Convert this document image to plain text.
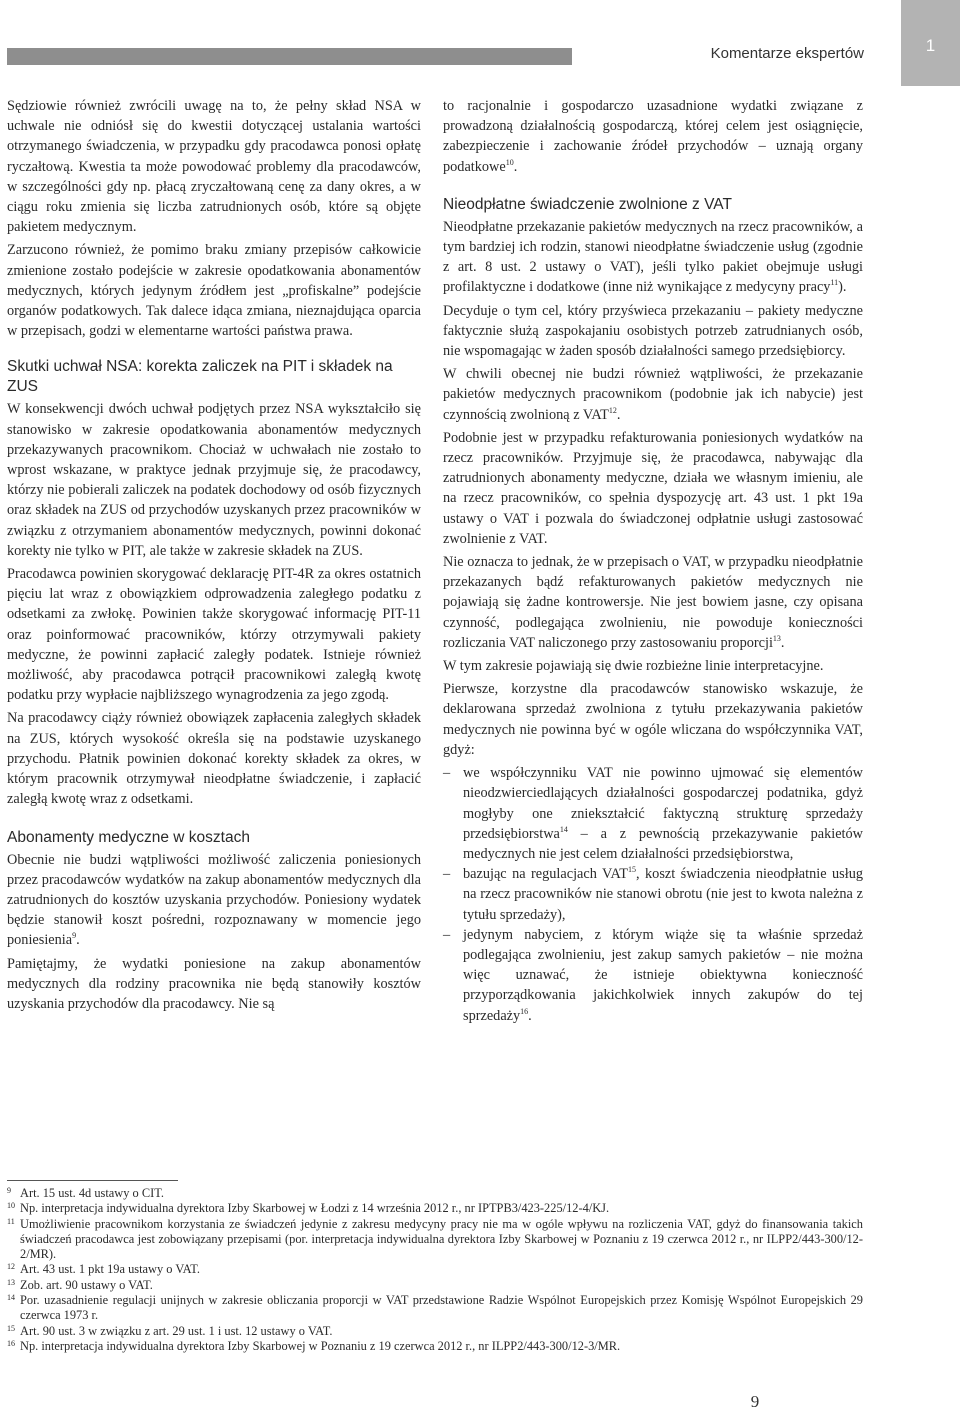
1
Komentarze ekspertów

Sędziowie również zwrócili uwagę na to, że pełny skład NSA w uchwale nie odniósł się do kwestii dotyczącej ustalania wartości otrzymanego świadczenia, w przypadku gdy pracodawca ponosi opłatę ryczałtową. Kwestia ta może powodować problemy dla pracodawców, w szczególności gdy np. płacą zryczałtowaną cenę za dany okres, a w ciągu roku zmienia się liczba zatrudnionych osób, które są objęte pakietem medycznym.

Zarzucono również, że pomimo braku zmiany przepisów całkowicie zmienione zostało podejście w zakresie opodatkowania abonamentów medycznych, których jedynym źródłem jest „profiskalne” podejście organów podatkowych. Tak dalece idąca zmiana, nieznajdująca oparcia w przepisach, godzi w elementarne wartości państwa prawa.

Skutki uchwał NSA: korekta zaliczek na PIT i składek na ZUS

W konsekwencji dwóch uchwał podjętych przez NSA wykształciło się stanowisko w zakresie opodatkowania abonamentów medycznych przekazywanych pracownikom. Chociaż w uchwałach nie zostało to wprost wskazane, w praktyce jednak przyjmuje się, że pracodawcy, którzy nie pobierali zaliczek na podatek dochodowy od osób fizycznych oraz składek na ZUS od przychodów uzyskanych przez pracowników w związku z otrzymaniem abonamentów medycznych, powinni dokonać korekty nie tylko w PIT, ale także w zakresie składek na ZUS.

Pracodawca powinien skorygować deklarację PIT-4R za okres ostatnich pięciu lat wraz z obowiązkiem odprowadzenia zaległego podatku z odsetkami za zwłokę. Powinien także skorygować informację PIT-11 oraz poinformować pracowników, którzy otrzymywali pakiety medyczne, że powinni zapłacić zaległy podatek. Istnieje również możliwość, aby pracodawca potrącił pracownikowi zaległą kwotę podatku przy wypłacie najbliższego wynagrodzenia za jego zgodą.

Na pracodawcy ciąży również obowiązek zapłacenia zaległych składek na ZUS, których wysokość określa się na podstawie uzyskanego przychodu. Płatnik powinien dokonać korekty składek za okres, w którym pracownik otrzymywał nieodpłatne świadczenie, i zapłacić zaległą kwotę wraz z odsetkami.

Abonamenty medyczne w kosztach

Obecnie nie budzi wątpliwości możliwość zaliczenia poniesionych przez pracodawców wydatków na zakup abonamentów medycznych dla zatrudnionych do kosztów uzyskania przychodów. Poniesiony wydatek będzie stanowił koszt pośredni, rozpoznawany w momencie jego poniesienia$^9$.

Pamiętajmy, że wydatki poniesione na zakup abonamentów medycznych dla rodziny pracownika nie będą stanowiły kosztów uzyskania przychodów dla pracodawcy. Nie są

to racjonalnie i gospodarczo uzasadnione wydatki związane z prowadzoną działalnością gospodarczą, której celem jest osiągnięcie, zabezpieczenie i zachowanie źródeł przychodów – uznają organy podatkowe$^{10}$.

Nieodpłatne świadczenie zwolnione z VAT

Nieodpłatne przekazanie pakietów medycznych na rzecz pracowników, a tym bardziej ich rodzin, stanowi nieodpłatne świadczenie usług (zgodnie z art. 8 ust. 2 ustawy o VAT), jeśli tylko pakiet obejmuje usługi profilaktyczne i dodatkowe (inne niż wynikające z medycyny pracy$^{11}$).

Decyduje o tym cel, który przyświeca przekazaniu – pakiety medyczne faktycznie służą zaspokajaniu osobistych potrzeb zatrudnianych osób, nie wspomagając w żaden sposób działalności samego przedsiębiorcy.

W chwili obecnej nie budzi również wątpliwości, że przekazanie pakietów medycznych pracownikom (podobnie jak ich nabycie) jest czynnością zwolnioną z VAT$^{12}$.

Podobnie jest w przypadku refakturowania poniesionych wydatków na rzecz pracowników. Przyjmuje się, że pracodawca, nabywając dla zatrudnionych abonamenty medyczne, działa we własnym imieniu, ale na rzecz pracowników, co spełnia dyspozycję art. 43 ust. 1 pkt 19a ustawy o VAT i pozwala do świadczonej odpłatnie usługi zastosować zwolnienie z VAT.

Nie oznacza to jednak, że w przepisach o VAT, w przypadku nieodpłatnie przekazanych bądź refakturowanych pakietów medycznych nie pojawiają się żadne kontrowersje. Nie jest bowiem jasne, czy opisana czynność, podlegająca zwolnieniu, nie powoduje konieczności rozliczania VAT naliczonego przy zastosowaniu proporcji$^{13}$.

W tym zakresie pojawiają się dwie rozbieżne linie interpretacyjne.

Pierwsze, korzystne dla pracodawców stanowisko wskazuje, że deklarowana sprzedaż zwolniona z tytułu przekazywania pakietów medycznych nie powinna być w ogóle wliczana do współczynnika VAT, gdyż:

– we współczynniku VAT nie powinno ujmować się elementów nieodzwierciedlających działalności gospodarczej podatnika, gdyż mogłyby one zniekształcić faktyczną strukturę sprzedaży przedsiębiorstwa$^{14}$ – a z pewnością przekazywanie pakietów medycznych nie jest celem działalności przedsiębiorstwa,
– bazując na regulacjach VAT$^{15}$, koszt świadczenia nieodpłatnie usług na rzecz pracowników nie stanowi obrotu (nie jest to kwota należna z tytułu sprzedaży),
– jedynym nabyciem, z którym wiąże się ta właśnie sprzedaż podlegająca zwolnieniu, jest zakup samych pakietów – nie można więc uznawać, że istnieje obiektywna konieczność przyporządkowania jakichkolwiek innych zakupów do tej sprzedaży$^{16}$.
9 Art. 15 ust. 4d ustawy o CIT.
10 Np. interpretacja indywidualna dyrektora Izby Skarbowej w Łodzi z 14 września 2012 r., nr IPTPB3/423-225/12-4/KJ.
11 Umożliwienie pracownikom korzystania ze świadczeń jedynie z zakresu medycyny pracy nie ma w ogóle wpływu na rozliczenia VAT, gdyż do finansowania takich świadczeń pracodawca jest zobowiązany przepisami (por. interpretacja indywidualna dyrektora Izby Skarbowej w Poznaniu z 19 czerwca 2012 r., nr ILPP2/443-300/12-2/MR).
12 Art. 43 ust. 1 pkt 19a ustawy o VAT.
13 Zob. art. 90 ustawy o VAT.
14 Por. uzasadnienie regulacji unijnych w zakresie obliczania proporcji w VAT przedstawione Radzie Wspólnot Europejskich przez Komisję Wspólnot Europejskich 29 czerwca 1973 r.
15 Art. 90 ust. 3 w związku z art. 29 ust. 1 i ust. 12 ustawy o VAT.
16 Np. interpretacja indywidualna dyrektora Izby Skarbowej w Poznaniu z 19 czerwca 2012 r., nr ILPP2/443-300/12-3/MR.
9
